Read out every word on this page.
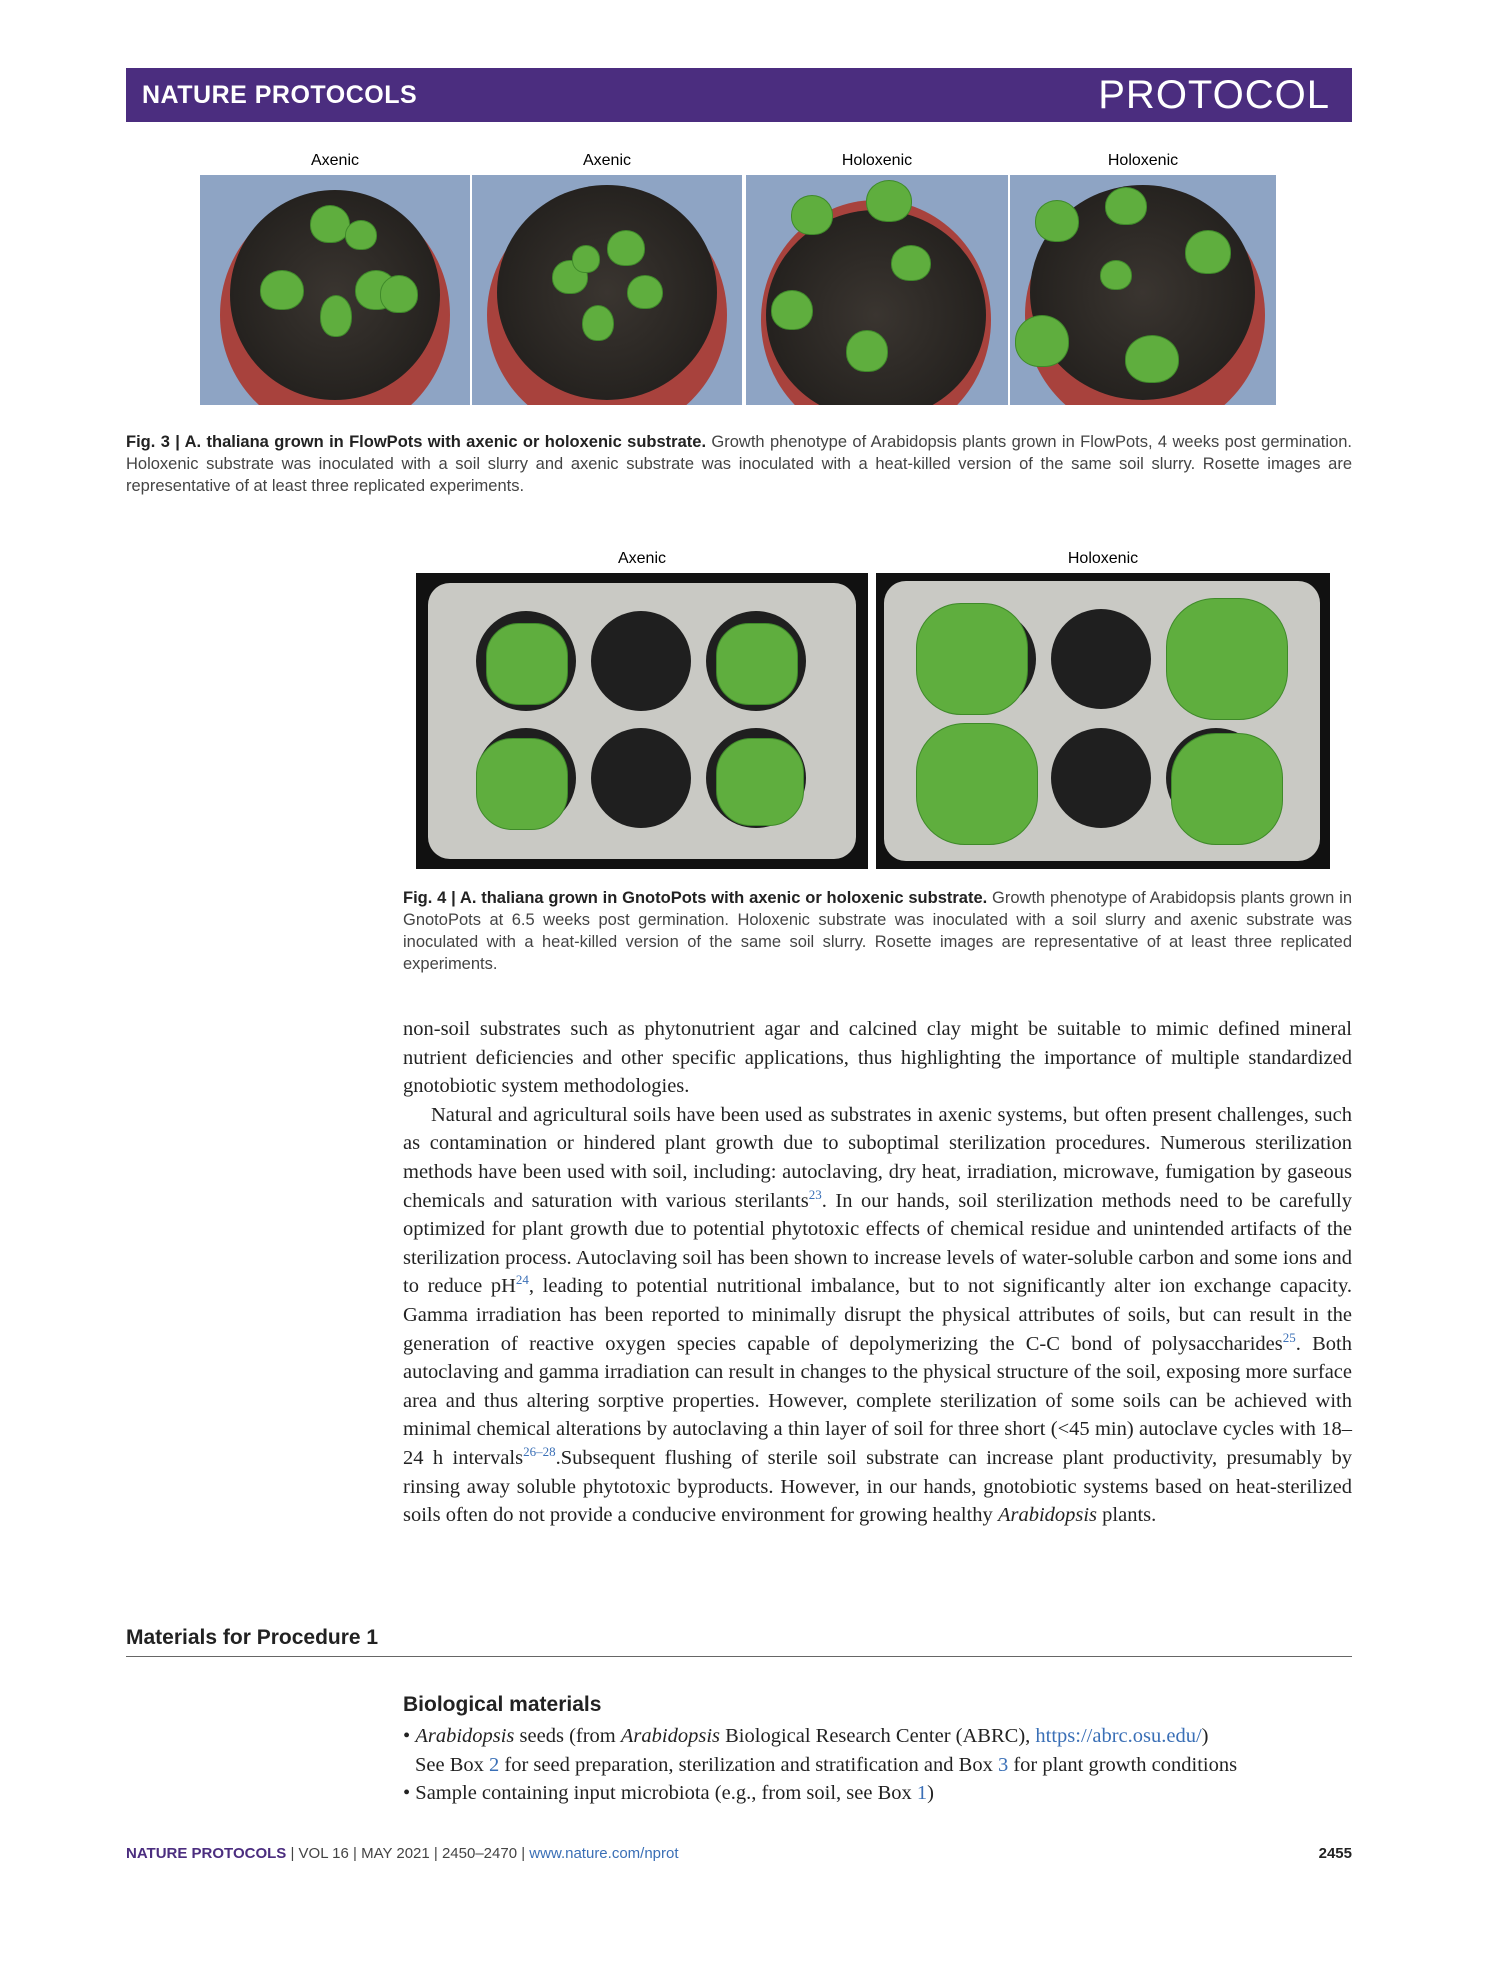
NATURE PROTOCOLS	PROTOCOL
Axenic	Axenic	Holoxenic	Holoxenic
Fig. 3 | A. thaliana grown in FlowPots with axenic or holoxenic substrate. Growth phenotype of Arabidopsis plants grown in FlowPots, 4 weeks post germination. Holoxenic substrate was inoculated with a soil slurry and axenic substrate was inoculated with a heat-killed version of the same soil slurry. Rosette images are representative of at least three replicated experiments.
Axenic	Holoxenic
Fig. 4 | A. thaliana grown in GnotoPots with axenic or holoxenic substrate. Growth phenotype of Arabidopsis plants grown in GnotoPots at 6.5 weeks post germination. Holoxenic substrate was inoculated with a soil slurry and axenic substrate was inoculated with a heat-killed version of the same soil slurry. Rosette images are representative of at least three replicated experiments.

non-soil substrates such as phytonutrient agar and calcined clay might be suitable to mimic defined mineral nutrient deficiencies and other specific applications, thus highlighting the importance of multiple standardized gnotobiotic system methodologies.

Natural and agricultural soils have been used as substrates in axenic systems, but often present challenges, such as contamination or hindered plant growth due to suboptimal sterilization procedures. Numerous sterilization methods have been used with soil, including: autoclaving, dry heat, irradiation, microwave, fumigation by gaseous chemicals and saturation with various sterilants$^{23}$. In our hands, soil sterilization methods need to be carefully optimized for plant growth due to potential phytotoxic effects of chemical residue and unintended artifacts of the sterilization process. Autoclaving soil has been shown to increase levels of water-soluble carbon and some ions and to reduce pH$^{24}$, leading to potential nutritional imbalance, but to not significantly alter ion exchange capacity. Gamma irradiation has been reported to minimally disrupt the physical attributes of soils, but can result in the generation of reactive oxygen species capable of depolymerizing the C-C bond of polysaccharides$^{25}$. Both autoclaving and gamma irradiation can result in changes to the physical structure of the soil, exposing more surface area and thus altering sorptive properties. However, complete sterilization of some soils can be achieved with minimal chemical alterations by autoclaving a thin layer of soil for three short (<45 min) autoclave cycles with 18–24 h intervals$^{26-28}$.Subsequent flushing of sterile soil substrate can increase plant productivity, presumably by rinsing away soluble phytotoxic byproducts. However, in our hands, gnotobiotic systems based on heat-sterilized soils often do not provide a conducive environment for growing healthy Arabidopsis plants.

Materials for Procedure 1
Biological materials
• Arabidopsis seeds (from Arabidopsis Biological Research Center (ABRC), https://abrc.osu.edu/)
See Box 2 for seed preparation, sterilization and stratification and Box 3 for plant growth conditions
• Sample containing input microbiota (e.g., from soil, see Box 1)
NATURE PROTOCOLS | VOL 16 | MAY 2021 | 2450–2470 | www.nature.com/nprot	2455
